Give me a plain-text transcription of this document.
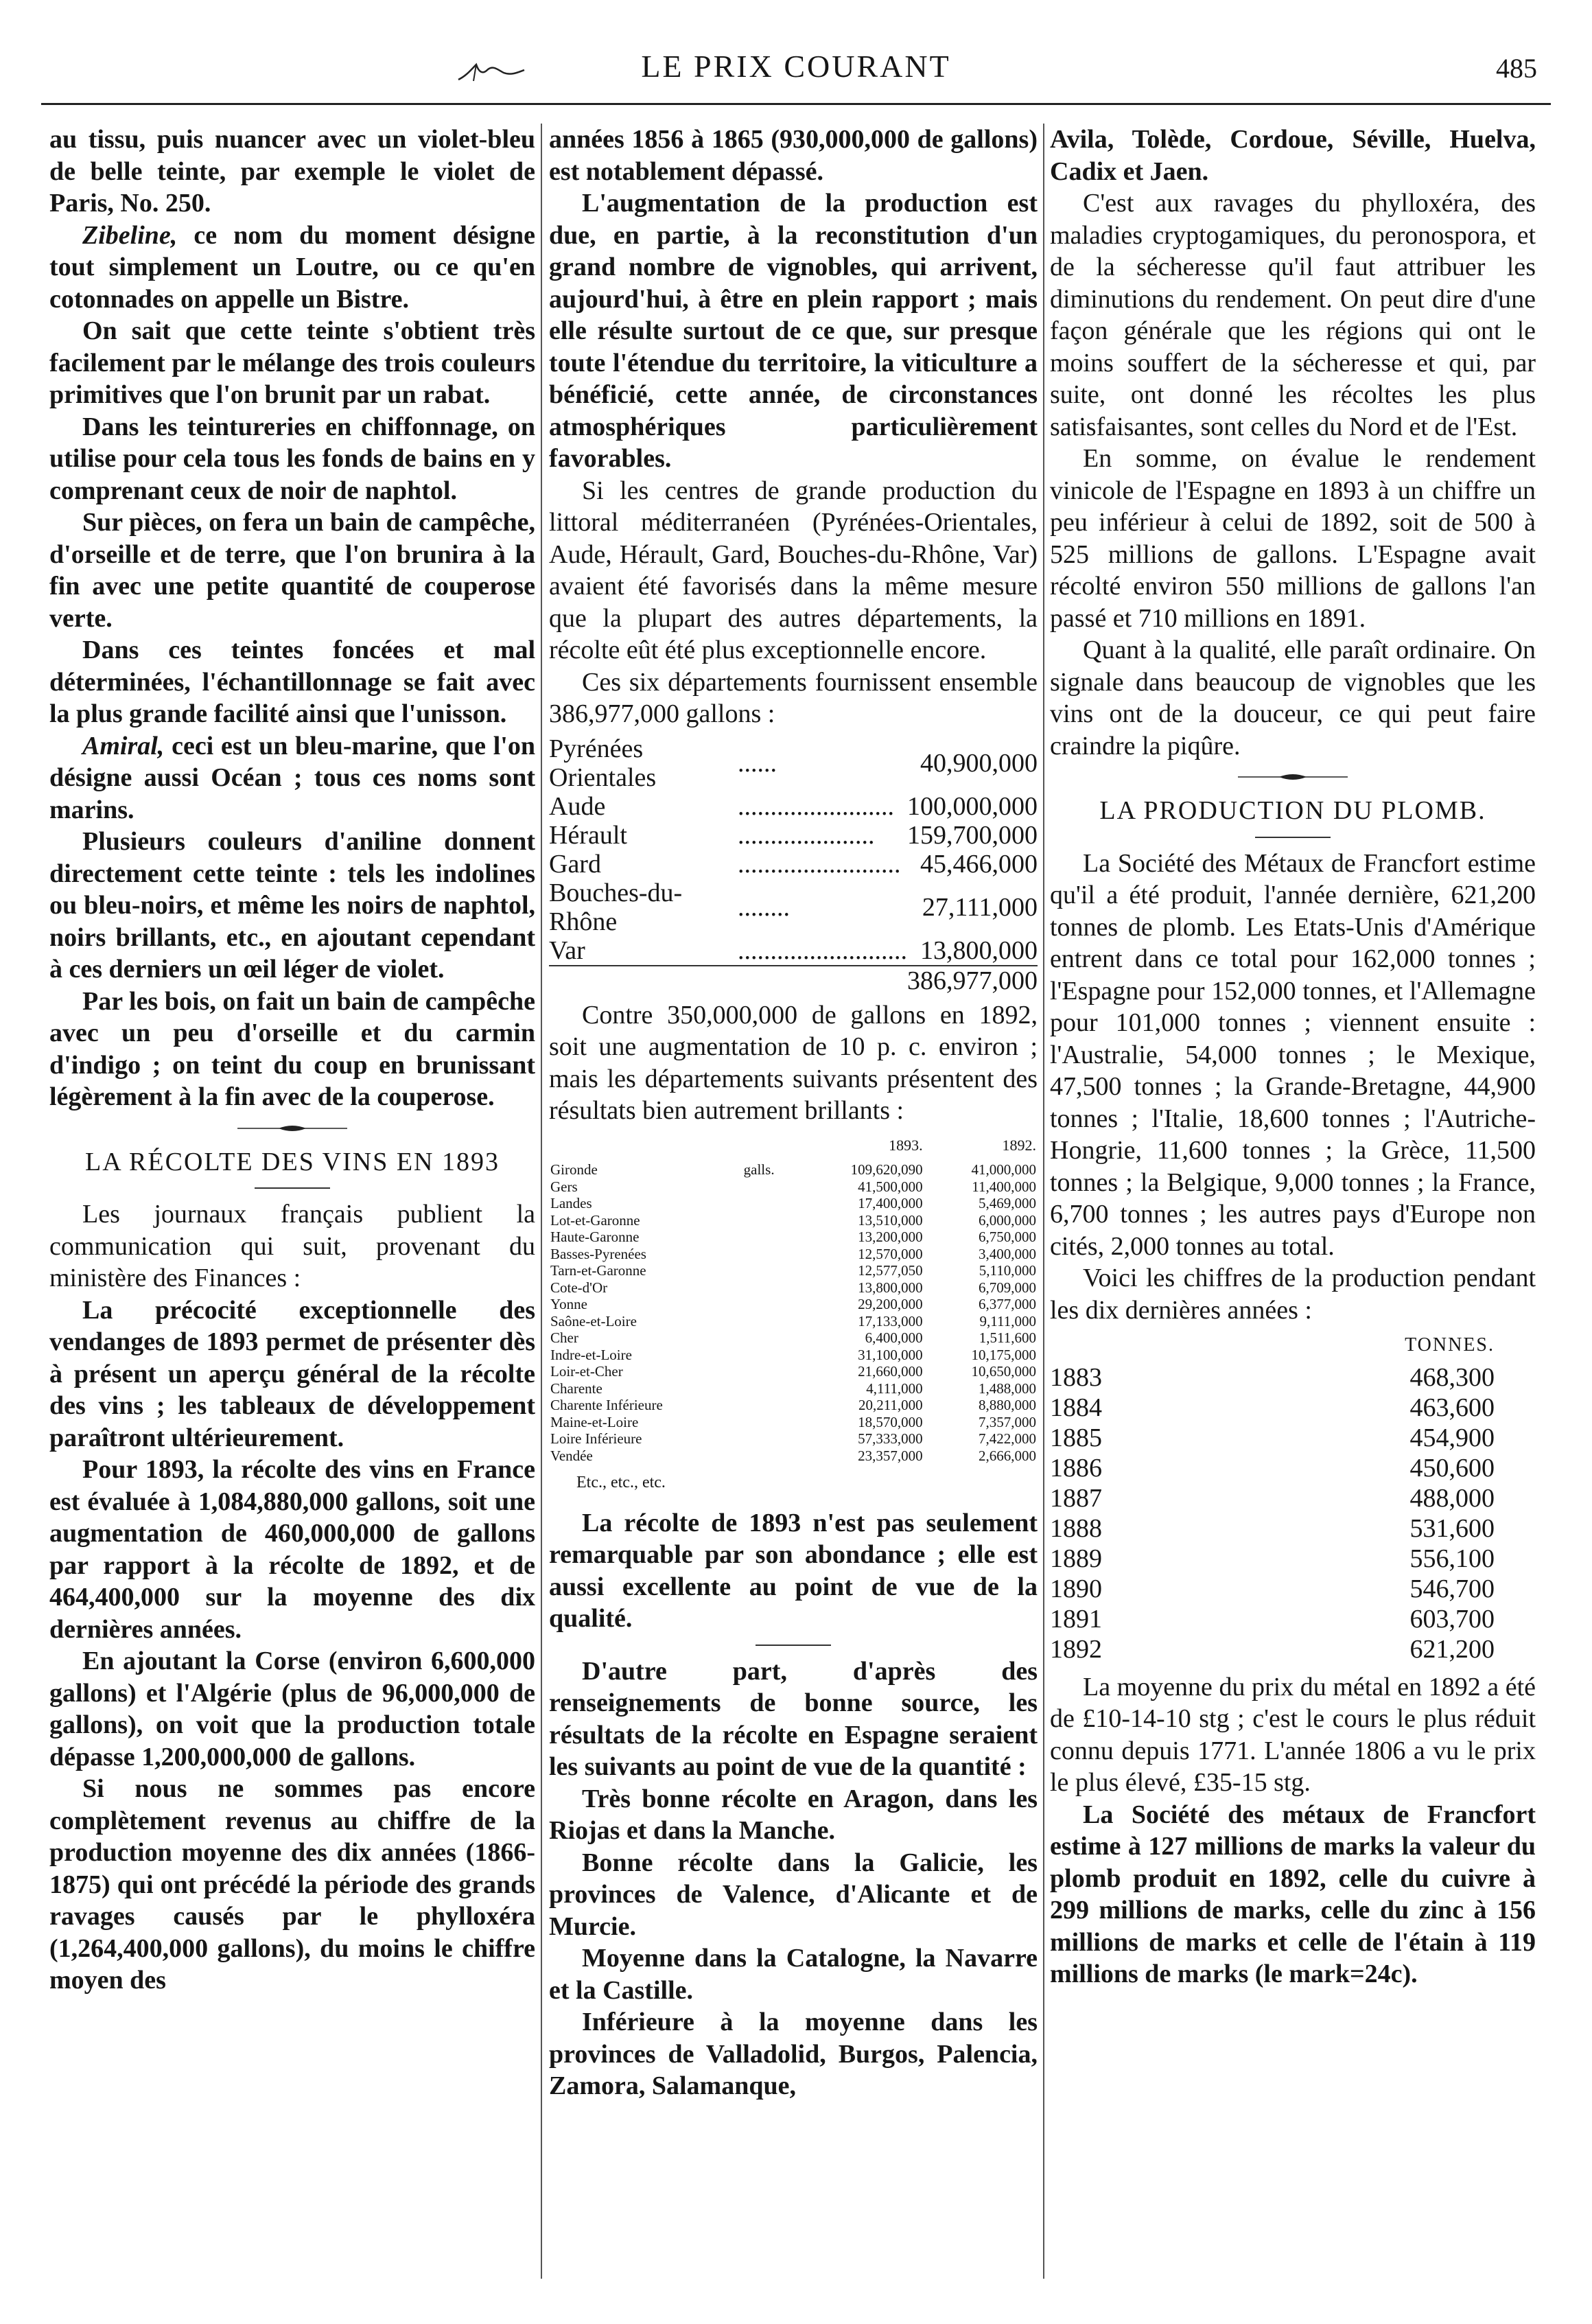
LE PRIX COURANT	485

au tissu, puis nuancer avec un violet-bleu de belle teinte, par exemple le violet de Paris, No. 250.

Zibeline, ce nom du moment désigne tout simplement un Loutre, ou ce qu'en cotonnades on appelle un Bistre.

On sait que cette teinte s'obtient très facilement par le mélange des trois couleurs primitives que l'on brunit par un rabat.

Dans les teintureries en chiffonnage, on utilise pour cela tous les fonds de bains en y comprenant ceux de noir de naphtol.

Sur pièces, on fera un bain de campêche, d'orseille et de terre, que l'on brunira à la fin avec une petite quantité de couperose verte.

Dans ces teintes foncées et mal déterminées, l'échantillonnage se fait avec la plus grande facilité ainsi que l'unisson.

Amiral, ceci est un bleu-marine, que l'on désigne aussi Océan ; tous ces noms sont marins.

Plusieurs couleurs d'aniline donnent directement cette teinte : tels les indolines ou bleu-noirs, et même les noirs de naphtol, noirs brillants, etc., en ajoutant cependant à ces derniers un œil léger de violet.

Par les bois, on fait un bain de campêche avec un peu d'orseille et du carmin d'indigo ; on teint du coup en brunissant légèrement à la fin avec de la couperose.

LA RÉCOLTE DES VINS EN 1893

Les journaux français publient la communication qui suit, provenant du ministère des Finances :

La précocité exceptionnelle des vendanges de 1893 permet de présenter dès à présent un aperçu général de la récolte des vins ; les tableaux de développement paraîtront ultérieurement.

Pour 1893, la récolte des vins en France est évaluée à 1,084,880,000 gallons, soit une augmentation de 460,000,000 de gallons par rapport à la récolte de 1892, et de 464,400,000 sur la moyenne des dix dernières années.

En ajoutant la Corse (environ 6,600,000 gallons) et l'Algérie (plus de 96,000,000 de gallons), on voit que la production totale dépasse 1,200,000,000 de gallons.

Si nous ne sommes pas encore complètement revenus au chiffre de la production moyenne des dix années (1866-1875) qui ont précédé la période des grands ravages causés par le phylloxéra (1,264,400,000 gallons), du moins le chiffre moyen des

années 1856 à 1865 (930,000,000 de gallons) est notablement dépassé.

L'augmentation de la production est due, en partie, à la reconstitution d'un grand nombre de vignobles, qui arrivent, aujourd'hui, à être en plein rapport ; mais elle résulte surtout de ce que, sur presque toute l'étendue du territoire, la viticulture a bénéficié, cette année, de circonstances atmosphériques particulièrement favorables.

Si les centres de grande production du littoral méditerranéen (Pyrénées-Orientales, Aude, Hérault, Gard, Bouches-du-Rhône, Var) avaient été favorisés dans la même mesure que la plupart des autres départements, la récolte eût été plus exceptionnelle encore.

Ces six départements fournissent ensemble 386,977,000 gallons :

Pyrénées Orientales	......	40,900,000
Aude	........................	100,000,000
Hérault	.....................	159,700,000
Gard	.........................	45,466,000
Bouches-du-Rhône	........	27,111,000
Var	..........................	13,800,000
		386,977,000

Contre 350,000,000 de gallons en 1892, soit une augmentation de 10 p. c. environ ; mais les départements suivants présentent des résultats bien autrement brillants :

		1893.	1892.
Gironde	galls.	109,620,090	41,000,000
Gers		41,500,000	11,400,000
Landes		17,400,000	5,469,000
Lot-et-Garonne		13,510,000	6,000,000
Haute-Garonne		13,200,000	6,750,000
Basses-Pyrenées		12,570,000	3,400,000
Tarn-et-Garonne		12,577,050	5,110,000
Cote-d'Or		13,800,000	6,709,000
Yonne		29,200,000	6,377,000
Saône-et-Loire		17,133,000	9,111,000
Cher		6,400,000	1,511,600
Indre-et-Loire		31,100,000	10,175,000
Loir-et-Cher		21,660,000	10,650,000
Charente		4,111,000	1,488,000
Charente Inférieure		20,211,000	8,880,000
Maine-et-Loire		18,570,000	7,357,000
Loire Inférieure		57,333,000	7,422,000
Vendée		23,357,000	2,666,000
Etc., etc., etc.

La récolte de 1893 n'est pas seulement remarquable par son abondance ; elle est aussi excellente au point de vue de la qualité.

D'autre part, d'après des renseignements de bonne source, les résultats de la récolte en Espagne seraient les suivants au point de vue de la quantité :

Très bonne récolte en Aragon, dans les Riojas et dans la Manche.

Bonne récolte dans la Galicie, les provinces de Valence, d'Alicante et de Murcie.

Moyenne dans la Catalogne, la Navarre et la Castille.

Inférieure à la moyenne dans les provinces de Valladolid, Burgos, Palencia, Zamora, Salamanque,

Avila, Tolède, Cordoue, Séville, Huelva, Cadix et Jaen.

C'est aux ravages du phylloxéra, des maladies cryptogamiques, du peronospora, et de la sécheresse qu'il faut attribuer les diminutions du rendement. On peut dire d'une façon générale que les régions qui ont le moins souffert de la sécheresse et qui, par suite, ont donné les récoltes les plus satisfaisantes, sont celles du Nord et de l'Est.

En somme, on évalue le rendement vinicole de l'Espagne en 1893 à un chiffre un peu inférieur à celui de 1892, soit de 500 à 525 millions de gallons. L'Espagne avait récolté environ 550 millions de gallons l'an passé et 710 millions en 1891.

Quant à la qualité, elle paraît ordinaire. On signale dans beaucoup de vignobles que les vins ont de la douceur, ce qui peut faire craindre la piqûre.

LA PRODUCTION DU PLOMB.

La Société des Métaux de Francfort estime qu'il a été produit, l'année dernière, 621,200 tonnes de plomb. Les Etats-Unis d'Amérique entrent dans ce total pour 162,000 tonnes ; l'Espagne pour 152,000 tonnes, et l'Allemagne pour 101,000 tonnes ; viennent ensuite : l'Australie, 54,000 tonnes ; le Mexique, 47,500 tonnes ; la Grande-Bretagne, 44,900 tonnes ; l'Italie, 18,600 tonnes ; l'Autriche-Hongrie, 11,600 tonnes ; la Grèce, 11,500 tonnes ; la Belgique, 9,000 tonnes ; la France, 6,700 tonnes ; les autres pays d'Europe non cités, 2,000 tonnes au total.

Voici les chiffres de la production pendant les dix dernières années :

	TONNES.
1883	468,300
1884	463,600
1885	454,900
1886	450,600
1887	488,000
1888	531,600
1889	556,100
1890	546,700
1891	603,700
1892	621,200

La moyenne du prix du métal en 1892 a été de £10-14-10 stg ; c'est le cours le plus réduit connu depuis 1771. L'année 1806 a vu le prix le plus élevé, £35-15 stg.

La Société des métaux de Francfort estime à 127 millions de marks la valeur du plomb produit en 1892, celle du cuivre à 299 millions de marks, celle du zinc à 156 millions de marks et celle de l'étain à 119 millions de marks (le mark=24c).
